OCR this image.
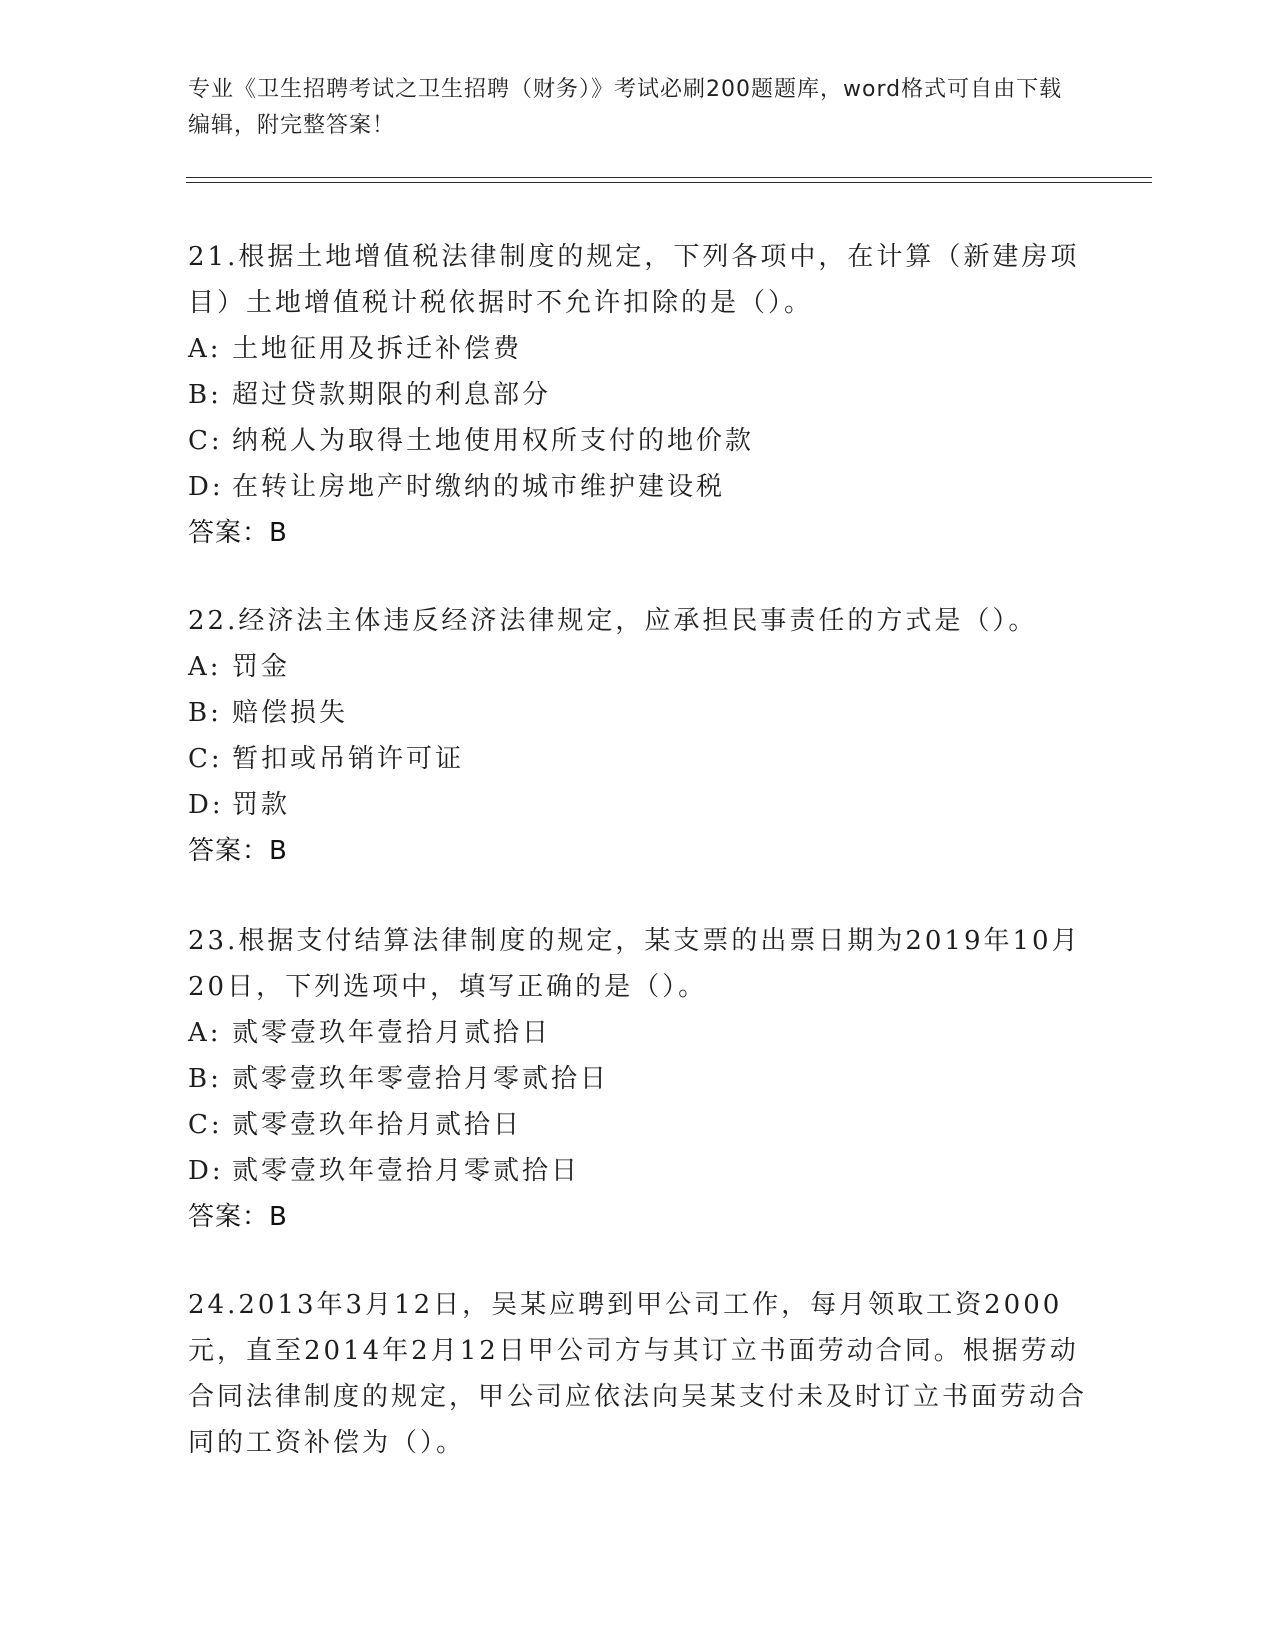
专业《卫生招聘考试之卫生招聘（财务）》考试必刷200题题库，word格式可自由下载编辑，附完整答案！

21.根据土地增值税法律制度的规定，下列各项中，在计算（新建房项目）土地增值税计税依据时不允许扣除的是（）。

A: 土地征用及拆迁补偿费

B: 超过贷款期限的利息部分

C: 纳税人为取得土地使用权所支付的地价款

D: 在转让房地产时缴纳的城市维护建设税

答案：B

22.经济法主体违反经济法律规定，应承担民事责任的方式是（）。

A: 罚金

B: 赔偿损失

C: 暂扣或吊销许可证

D: 罚款

答案：B

23.根据支付结算法律制度的规定，某支票的出票日期为2019年10月20日，下列选项中，填写正确的是（）。

A: 贰零壹玖年壹拾月贰拾日

B: 贰零壹玖年零壹拾月零贰拾日

C: 贰零壹玖年拾月贰拾日

D: 贰零壹玖年壹拾月零贰拾日

答案：B

24.2013年3月12日，吴某应聘到甲公司工作，每月领取工资2000元，直至2014年2月12日甲公司方与其订立书面劳动合同。根据劳动合同法律制度的规定，甲公司应依法向吴某支付未及时订立书面劳动合同的工资补偿为（）。
